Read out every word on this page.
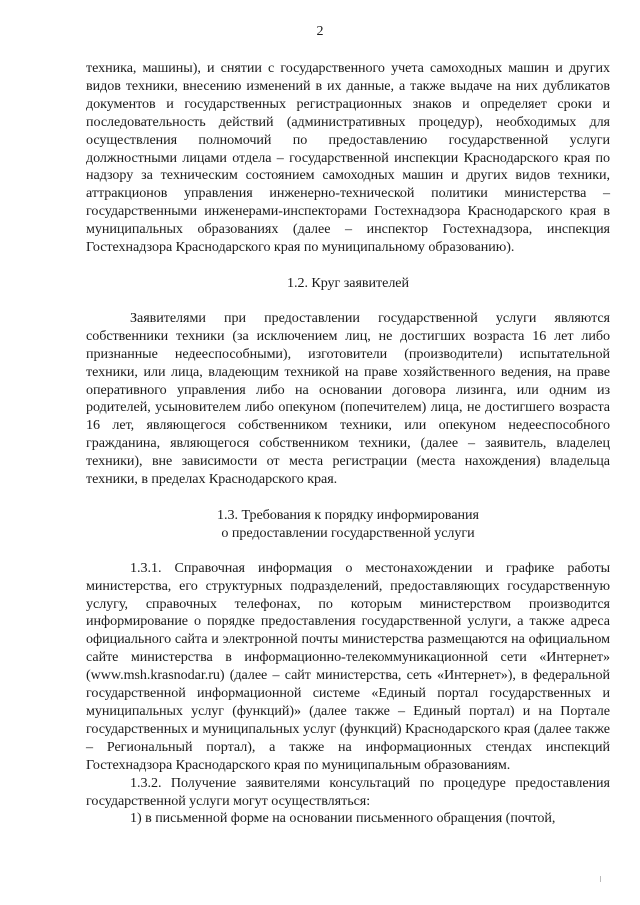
2

техника, машины), и снятии с государственного учета самоходных машин и других видов техники, внесению изменений в их данные, а также выдаче на них дубликатов документов и государственных регистрационных знаков и определяет сроки и последовательность действий (административных процедур), необходимых для осуществления полномочий по предоставлению государственной услуги должностными лицами отдела – государственной инспекции Краснодарского края по надзору за техническим состоянием самоходных машин и других видов техники, аттракционов управления инженерно-технической политики министерства – государственными инженерами-инспекторами Гостехнадзора Краснодарского края в муниципальных образованиях (далее – инспектор Гостехнадзора, инспекция Гостехнадзора Краснодарского края по муниципальному образованию).

1.2. Круг заявителей

Заявителями при предоставлении государственной услуги являются собственники техники (за исключением лиц, не достигших возраста 16 лет либо признанные недееспособными), изготовители (производители) испытательной техники, или лица, владеющим техникой на праве хозяйственного ведения, на праве оперативного управления либо на основании договора лизинга, или одним из родителей, усыновителем либо опекуном (попечителем) лица, не достигшего возраста 16 лет, являющегося собственником техники, или опекуном недееспособного гражданина, являющегося собственником техники, (далее – заявитель, владелец техники), вне зависимости от места регистрации (места нахождения) владельца техники, в пределах Краснодарского края.

1.3. Требования к порядку информирования

о предоставлении государственной услуги

1.3.1. Справочная информация о местонахождении и графике работы министерства, его структурных подразделений, предоставляющих государственную услугу, справочных телефонах, по которым министерством производится информирование о порядке предоставления государственной услуги, а также адреса официального сайта и электронной почты министерства размещаются на официальном сайте министерства в информационно-телекоммуникационной сети «Интернет» (www.msh.krasnodar.ru) (далее – сайт министерства, сеть «Интернет»), в федеральной государственной информационной системе «Единый портал государственных и муниципальных услуг (функций)» (далее также – Единый портал) и на Портале государственных и муниципальных услуг (функций) Краснодарского края (далее также – Региональный портал), а также на информационных стендах инспекций Гостехнадзора Краснодарского края по муниципальным образованиям.

1.3.2. Получение заявителями консультаций по процедуре предоставления государственной услуги могут осуществляться:

1) в письменной форме на основании письменного обращения (почтой,
